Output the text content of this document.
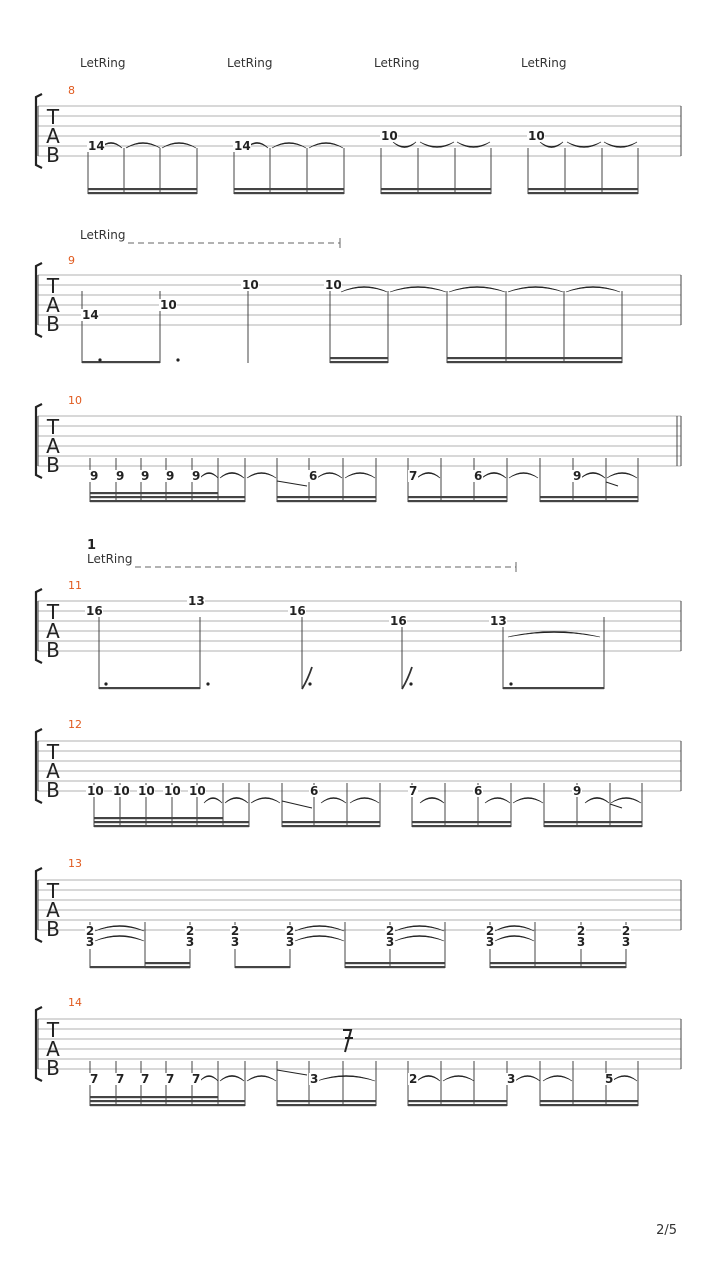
T
A
B
8
LetRing	LetRing	LetRing	LetRing
14	14
10	10
T
A
B
9
LetRing
14
10
10	10
T
A
B
10
9 9 9 9 9	6	7	6	9
T
A
B
11
LetRing
1
16
13
16
16	13
T
A
B
12
10 10 10 10 10	6	7	6	9
T
A
B
13
2
3
2
3
2
3
2
3
2
3
2
3
2
3
2
3
T
A
B
14
7 7 7 7 7	3	2	3	5
2/5
